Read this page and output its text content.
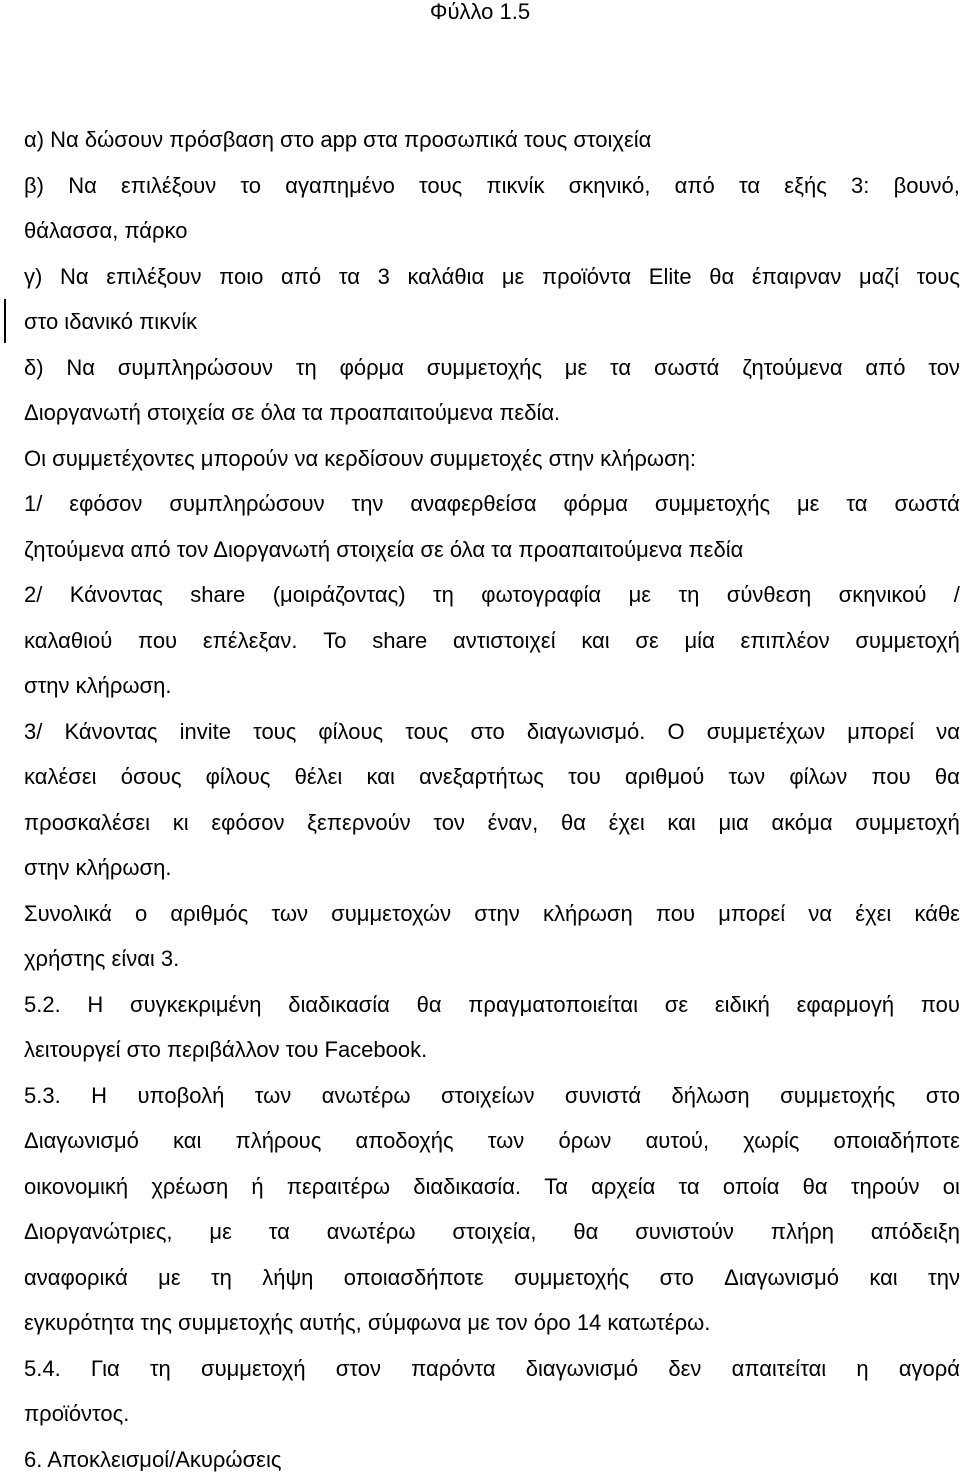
Φύλλο 1.5
α) Να δώσουν πρόσβαση στο app στα προσωπικά τους στοιχεία
β) Να επιλέξουν το αγαπημένο τους πικνίκ σκηνικό, από τα εξής 3: βουνό,
θάλασσα, πάρκο
γ) Να επιλέξουν ποιο από τα 3 καλάθια με προϊόντα Elite θα έπαιρναν μαζί τους
στο ιδανικό πικνίκ
δ) Να συμπληρώσουν τη φόρμα συμμετοχής με τα σωστά ζητούμενα από τον
Διοργανωτή στοιχεία σε όλα τα προαπαιτούμενα πεδία.
Οι συμμετέχοντες μπορούν να κερδίσουν συμμετοχές στην κλήρωση:
1/ εφόσον συμπληρώσουν την αναφερθείσα φόρμα συμμετοχής με τα σωστά
ζητούμενα από τον Διοργανωτή στοιχεία σε όλα τα προαπαιτούμενα πεδία
2/ Κάνοντας share (μοιράζοντας) τη φωτογραφία με τη σύνθεση σκηνικού /
καλαθιού που επέλεξαν. Το share αντιστοιχεί και σε μία επιπλέον συμμετοχή
στην κλήρωση.
3/ Κάνοντας invite τους φίλους τους στο διαγωνισμό. Ο συμμετέχων μπορεί να
καλέσει όσους φίλους θέλει και ανεξαρτήτως του αριθμού των φίλων που θα
προσκαλέσει κι εφόσον ξεπερνούν τον έναν, θα έχει και μια ακόμα συμμετοχή
στην κλήρωση.
Συνολικά ο αριθμός των συμμετοχών στην κλήρωση που μπορεί να έχει κάθε
χρήστης είναι 3.
5.2. Η συγκεκριμένη διαδικασία θα πραγματοποιείται σε ειδική εφαρμογή που
λειτουργεί στο περιβάλλον του Facebook.
5.3. Η υποβολή των ανωτέρω στοιχείων συνιστά δήλωση συμμετοχής στο
Διαγωνισμό και πλήρους αποδοχής των όρων αυτού, χωρίς οποιαδήποτε
οικονομική χρέωση ή περαιτέρω διαδικασία. Τα αρχεία τα οποία θα τηρούν οι
Διοργανώτριες, με τα ανωτέρω στοιχεία, θα συνιστούν πλήρη απόδειξη
αναφορικά με τη λήψη οποιασδήποτε συμμετοχής στο Διαγωνισμό και την
εγκυρότητα της συμμετοχής αυτής, σύμφωνα με τον όρο 14 κατωτέρω.
5.4. Για τη συμμετοχή στον παρόντα διαγωνισμό δεν απαιτείται η αγορά
προϊόντος.
6. Αποκλεισμοί/Ακυρώσεις
